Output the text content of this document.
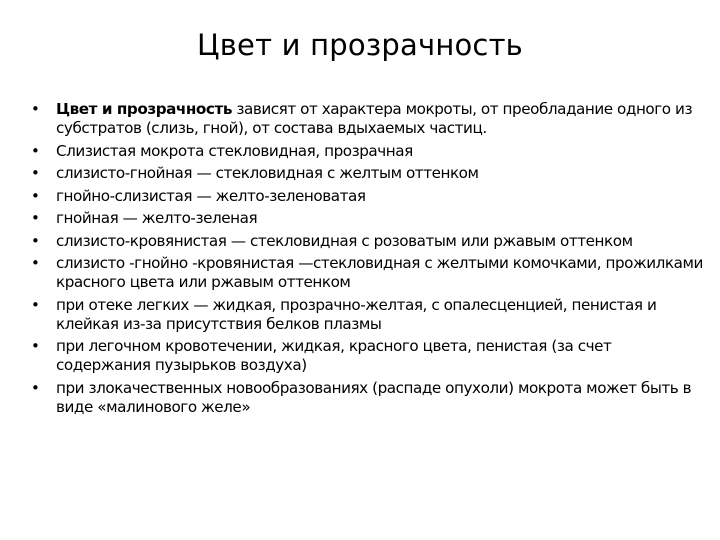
Цвет и прозрачность
• Цвет и прозрачность зависят от характера мокроты, от преобладание одного из субстратов (слизь, гной), от состава вдыхаемых частиц.
• Слизистая мокрота стекловидная, прозрачная
• слизисто-гнойная — стекловидная с желтым оттенком
• гнойно-слизистая — желто-зеленоватая
• гнойная — желто-зеленая
• слизисто-кровянистая — стекловидная с розоватым или ржавым оттенком
• слизисто -гнойно -кровянистая —стекловидная с желтыми комочками, прожилками красного цвета или ржавым оттенком
• при отеке легких — жидкая, прозрачно-желтая, с опалесценцией, пенистая и клейкая из-за присутствия белков плазмы
• при легочном кровотечении, жидкая, красного цвета, пенистая (за счет содержания пузырьков воздуха)
• при злокачественных новообразованиях (распаде опухоли) мокрота может быть в виде «малинового желе»
